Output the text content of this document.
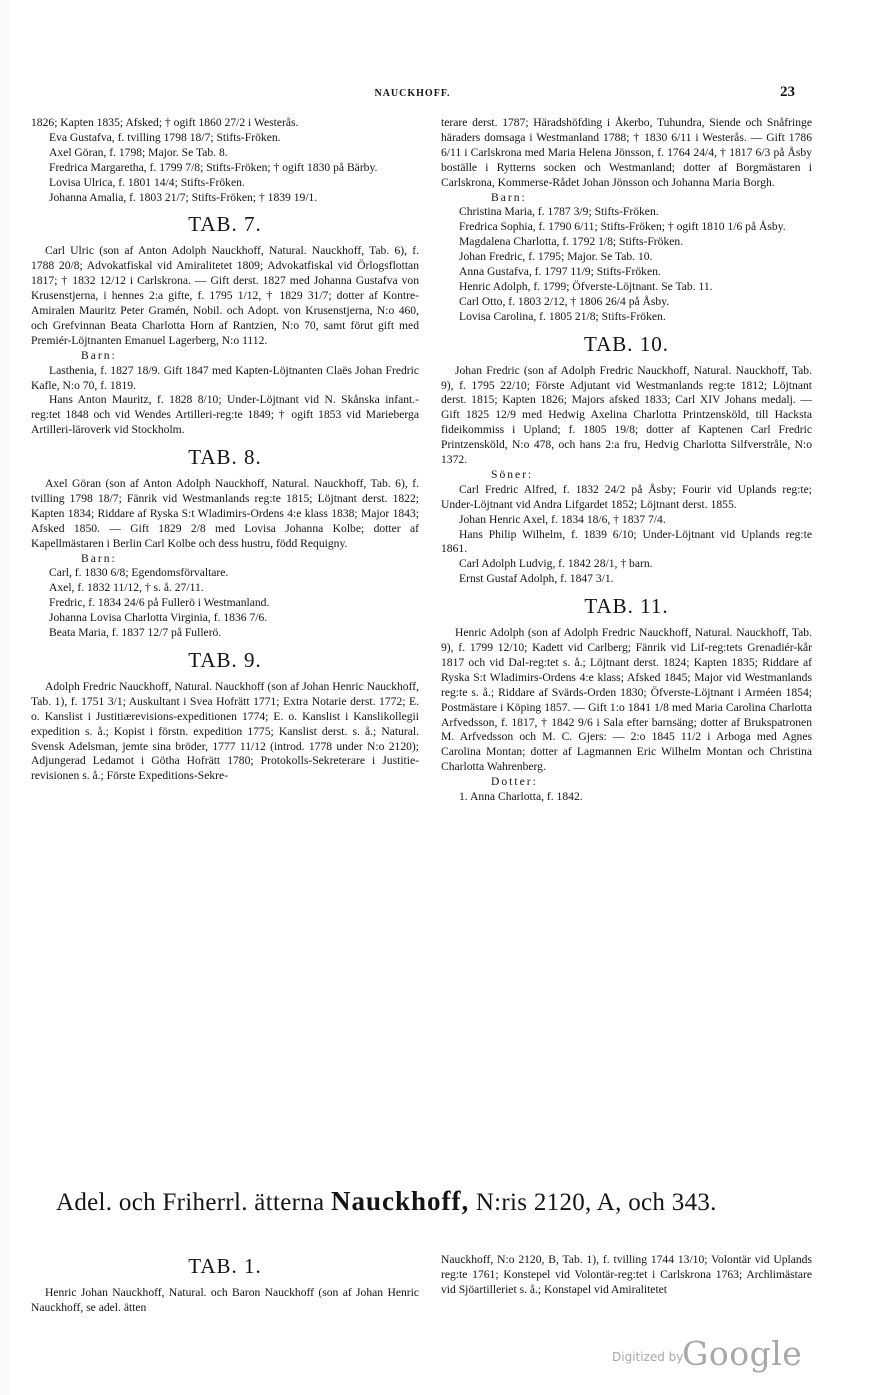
NAUCKHOFF.	23

1826; Kapten 1835; Afsked; † ogift 1860 27/2 i Westerås.

Eva Gustafva, f. tvilling 1798 18/7; Stifts-Fröken.

Axel Göran, f. 1798; Major. Se Tab. 8.

Fredrica Margaretha, f. 1799 7/8; Stifts-Fröken; † ogift 1830 på Bärby.

Lovisa Ulrica, f. 1801 14/4; Stifts-Fröken.

Johanna Amalia, f. 1803 21/7; Stifts-Fröken; † 1839 19/1.

TAB. 7.

Carl Ulric (son af Anton Adolph Nauckhoff, Natural. Nauckhoff, Tab. 6), f. 1788 20/8; Advokatfiskal vid Amiralitetet 1809; Advokatfiskal vid Örlogsflottan 1817; † 1832 12/12 i Carlskrona. — Gift derst. 1827 med Johanna Gustafva von Krusenstjerna, i hennes 2:a gifte, f. 1795 1/12, † 1829 31/7; dotter af Kontre-Amiralen Mauritz Peter Gramén, Nobil. och Adopt. von Krusenstjerna, N:o 460, och Grefvinnan Beata Charlotta Horn af Rantzien, N:o 70, samt förut gift med Premiér-Löjtnanten Emanuel Lagerberg, N:o 1112.

Barn:

Lasthenia, f. 1827 18/9. Gift 1847 med Kapten-Löjtnanten Claës Johan Fredric Kafle, N:o 70, f. 1819.

Hans Anton Mauritz, f. 1828 8/10; Under-Löjtnant vid N. Skånska infant.-reg:tet 1848 och vid Wendes Artilleri-reg:te 1849; † ogift 1853 vid Marieberga Artilleri-läroverk vid Stockholm.

TAB. 8.

Axel Göran (son af Anton Adolph Nauckhoff, Natural. Nauckhoff, Tab. 6), f. tvilling 1798 18/7; Fänrik vid Westmanlands reg:te 1815; Löjtnant derst. 1822; Kapten 1834; Riddare af Ryska S:t Wladimirs-Ordens 4:e klass 1838; Major 1843; Afsked 1850. — Gift 1829 2/8 med Lovisa Johanna Kolbe; dotter af Kapellmästaren i Berlin Carl Kolbe och dess hustru, född Requigny.

Barn:

Carl, f. 1830 6/8; Egendomsförvaltare.

Axel, f. 1832 11/12, † s. å. 27/11.

Fredric, f. 1834 24/6 på Fullerö i Westmanland.

Johanna Lovisa Charlotta Virginia, f. 1836 7/6.

Beata Maria, f. 1837 12/7 på Fullerö.

TAB. 9.

Adolph Fredric Nauckhoff, Natural. Nauckhoff (son af Johan Henric Nauckhoff, Tab. 1), f. 1751 3/1; Auskultant i Svea Hofrätt 1771; Extra Notarie derst. 1772; E. o. Kanslist i Justitiærevisions-expeditionen 1774; E. o. Kanslist i Kanslikollegii expedition s. å.; Kopist i förstn. expedition 1775; Kanslist derst. s. å.; Natural. Svensk Adelsman, jemte sina bröder, 1777 11/12 (introd. 1778 under N:o 2120); Adjungerad Ledamot i Götha Hofrätt 1780; Protokolls-Sekreterare i Justitie-revisionen s. å.; Förste Expeditions-Sekre-

terare derst. 1787; Häradshöfding i Åkerbo, Tuhundra, Siende och Snåfringe häraders domsaga i Westmanland 1788; † 1830 6/11 i Westerås. — Gift 1786 6/11 i Carlskrona med Maria Helena Jönsson, f. 1764 24/4, † 1817 6/3 på Åsby boställe i Rytterns socken och Westmanland; dotter af Borgmästaren i Carlskrona, Kommerse-Rådet Johan Jönsson och Johanna Maria Borgh.

Barn:

Christina Maria, f. 1787 3/9; Stifts-Fröken.

Fredrica Sophia, f. 1790 6/11; Stifts-Fröken; † ogift 1810 1/6 på Åsby.

Magdalena Charlotta, f. 1792 1/8; Stifts-Fröken.

Johan Fredric, f. 1795; Major. Se Tab. 10.

Anna Gustafva, f. 1797 11/9; Stifts-Fröken.

Henric Adolph, f. 1799; Öfverste-Löjtnant. Se Tab. 11.

Carl Otto, f. 1803 2/12, † 1806 26/4 på Åsby.

Lovisa Carolina, f. 1805 21/8; Stifts-Fröken.

TAB. 10.

Johan Fredric (son af Adolph Fredric Nauckhoff, Natural. Nauckhoff, Tab. 9), f. 1795 22/10; Förste Adjutant vid Westmanlands reg:te 1812; Löjtnant derst. 1815; Kapten 1826; Majors afsked 1833; Carl XIV Johans medalj. — Gift 1825 12/9 med Hedwig Axelina Charlotta Printzensköld, till Hacksta fideikommiss i Upland; f. 1805 19/8; dotter af Kaptenen Carl Fredric Printzensköld, N:o 478, och hans 2:a fru, Hedvig Charlotta Silfverstråle, N:o 1372.

Söner:

Carl Fredric Alfred, f. 1832 24/2 på Åsby; Fourir vid Uplands reg:te; Under-Löjtnant vid Andra Lifgardet 1852; Löjtnant derst. 1855.

Johan Henric Axel, f. 1834 18/6, † 1837 7/4.

Hans Philip Wilhelm, f. 1839 6/10; Under-Löjtnant vid Uplands reg:te 1861.

Carl Adolph Ludvig, f. 1842 28/1, † barn.

Ernst Gustaf Adolph, f. 1847 3/1.

TAB. 11.

Henric Adolph (son af Adolph Fredric Nauckhoff, Natural. Nauckhoff, Tab. 9), f. 1799 12/10; Kadett vid Carlberg; Fänrik vid Lif-reg:tets Grenadiér-kår 1817 och vid Dal-reg:tet s. å.; Löjtnant derst. 1824; Kapten 1835; Riddare af Ryska S:t Wladimirs-Ordens 4:e klass; Afsked 1845; Major vid Westmanlands reg:te s. å.; Riddare af Svärds-Orden 1830; Öfverste-Löjtnant i Arméen 1854; Postmästare i Köping 1857. — Gift 1:o 1841 1/8 med Maria Carolina Charlotta Arfvedsson, f. 1817, † 1842 9/6 i Sala efter barnsäng; dotter af Brukspatronen M. Arfvedsson och M. C. Gjers: — 2:o 1845 11/2 i Arboga med Agnes Carolina Montan; dotter af Lagmannen Eric Wilhelm Montan och Christina Charlotta Wahrenberg.

Dotter:

1. Anna Charlotta, f. 1842.

Adel. och Friherrl. ätterna Nauckhoff, N:ris 2120, A, och 343.
TAB. 1.

Henric Johan Nauckhoff, Natural. och Baron Nauckhoff (son af Johan Henric Nauckhoff, se adel. ätten

Nauckhoff, N:o 2120, B, Tab. 1), f. tvilling 1744 13/10; Volontär vid Uplands reg:te 1761; Konstepel vid Volontär-reg:tet i Carlskrona 1763; Archlimästare vid Sjöartilleriet s. å.; Konstapel vid Amiralitetet

Digitized by
Google
